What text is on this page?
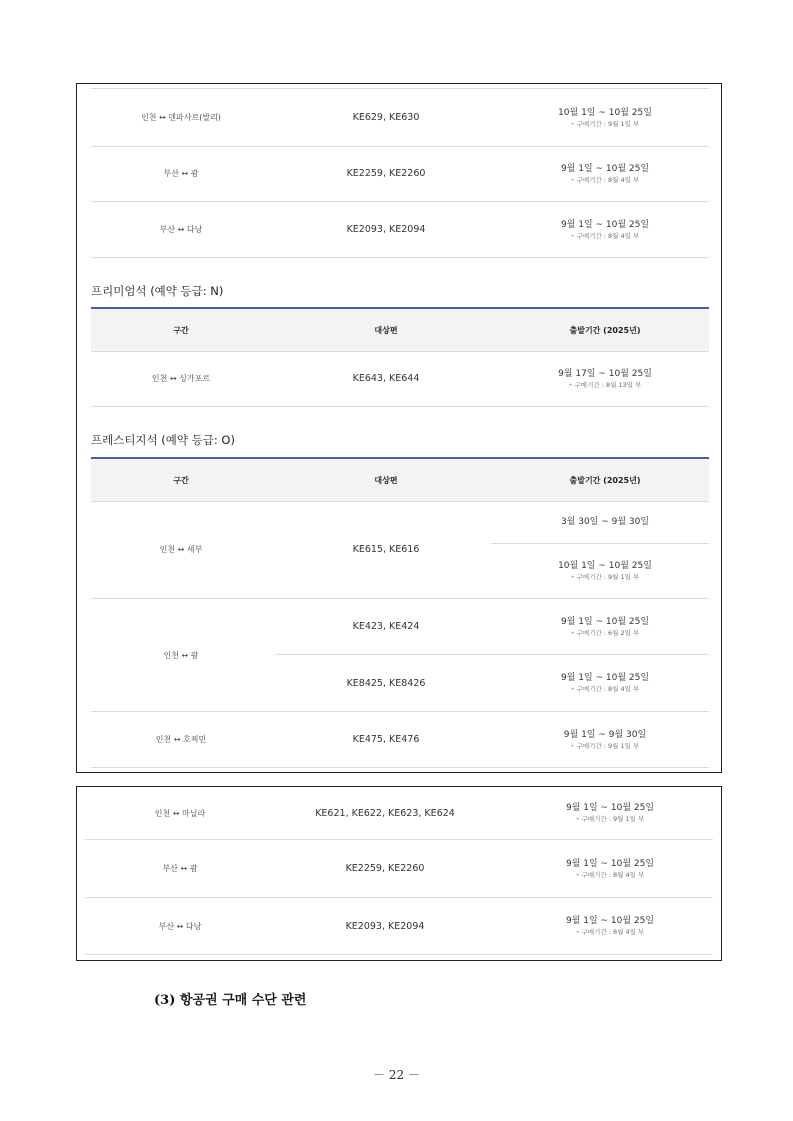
인천 ↔ 덴파사르(발리)	KE629, KE630	10월 1일 ~ 10월 25일
• 구매기간 : 9월 1일 부
부산 ↔ 괌	KE2259, KE2260	9월 1일 ~ 10월 25일
• 구매기간 : 8월 4일 부
부산 ↔ 다낭	KE2093, KE2094	9월 1일 ~ 10월 25일
• 구매기간 : 8월 4일 부
프리미엄석 (예약 등급: N)
구간	대상편	출발기간 (2025년)
인천 ↔ 싱가포르	KE643, KE644	9월 17일 ~ 10월 25일
• 구매기간 : 8월 13일 부
프레스티지석 (예약 등급: O)
구간	대상편	출발기간 (2025년)
인천 ↔ 세부	KE615, KE616
3월 30일 ~ 9월 30일
10월 1일 ~ 10월 25일
• 구매기간 : 9월 1일 부
인천 ↔ 괌
KE423, KE424	9월 1일 ~ 10월 25일
• 구매기간 : 6월 2일 부
KE8425, KE8426	9월 1일 ~ 10월 25일
• 구매기간 : 8월 4일 부
인천 ↔ 호찌민	KE475, KE476	9월 1일 ~ 9월 30일
• 구매기간 : 9월 1일 부
인천 ↔ 마닐라	KE621, KE622, KE623, KE624	9월 1일 ~ 10월 25일
• 구매기간 : 9월 1일 부
부산 ↔ 괌	KE2259, KE2260	9월 1일 ~ 10월 25일
• 구매기간 : 8월 4일 부
부산 ↔ 다낭	KE2093, KE2094	9월 1일 ~ 10월 25일
• 구매기간 : 8월 4일 부
(3) 항공권 구매 수단 관련
－ 22 －
